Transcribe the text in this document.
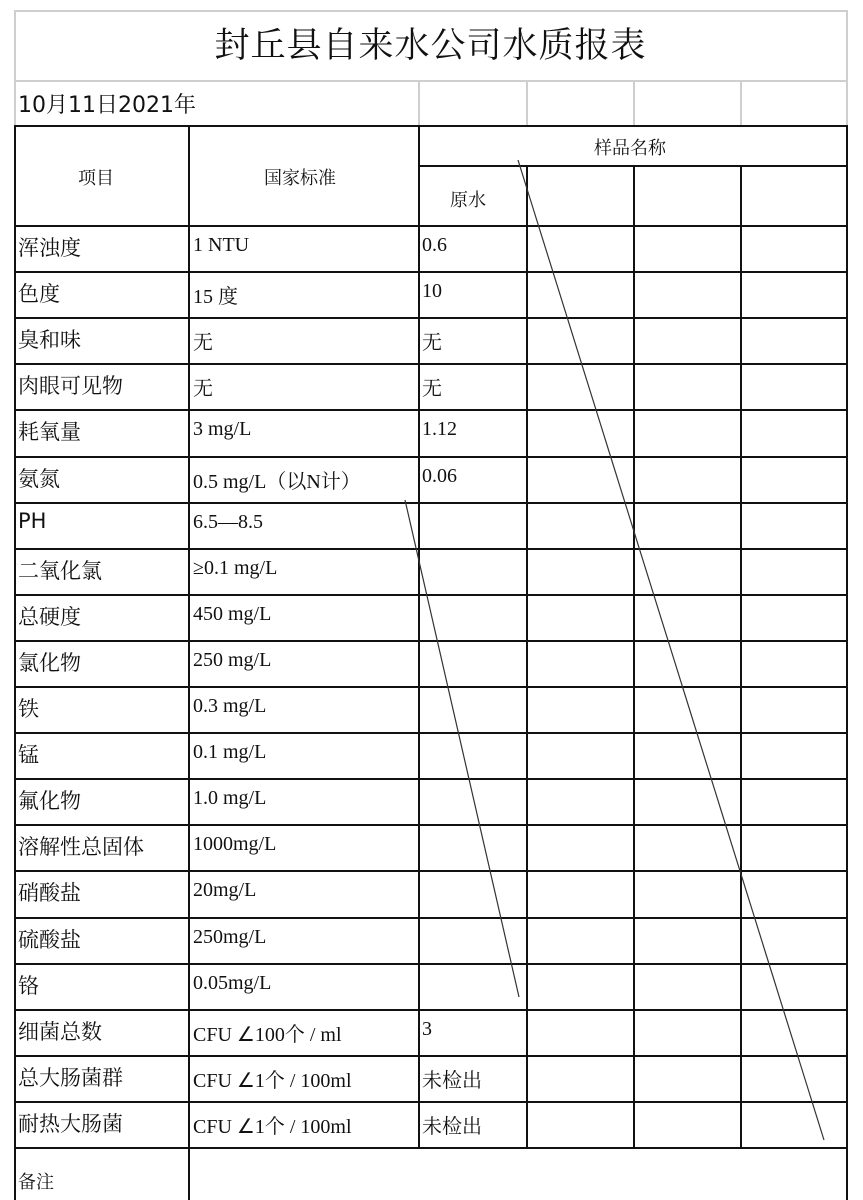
封丘县自来水公司水质报表
10月11日2021年
项目	国家标准
样品名称
原水
浑浊度	1 NTU	0.6
色度	15 度	10
臭和味	无	无
肉眼可见物	无	无
耗氧量	3 mg/L	1.12
氨氮	0.5 mg/L（以N计）	0.06
PH	6.5—8.5
二氧化氯	≥0.1 mg/L
总硬度	450 mg/L
氯化物	250 mg/L
铁	0.3 mg/L
锰	0.1 mg/L
氟化物	1.0 mg/L
溶解性总固体 1000mg/L
硝酸盐	20mg/L
硫酸盐	250mg/L
铬	0.05mg/L
细菌总数	CFU ∠100个 / ml	3
总大肠菌群	CFU ∠1个 / 100ml	未检出
耐热大肠菌	CFU ∠1个 / 100ml	未检出
备注
